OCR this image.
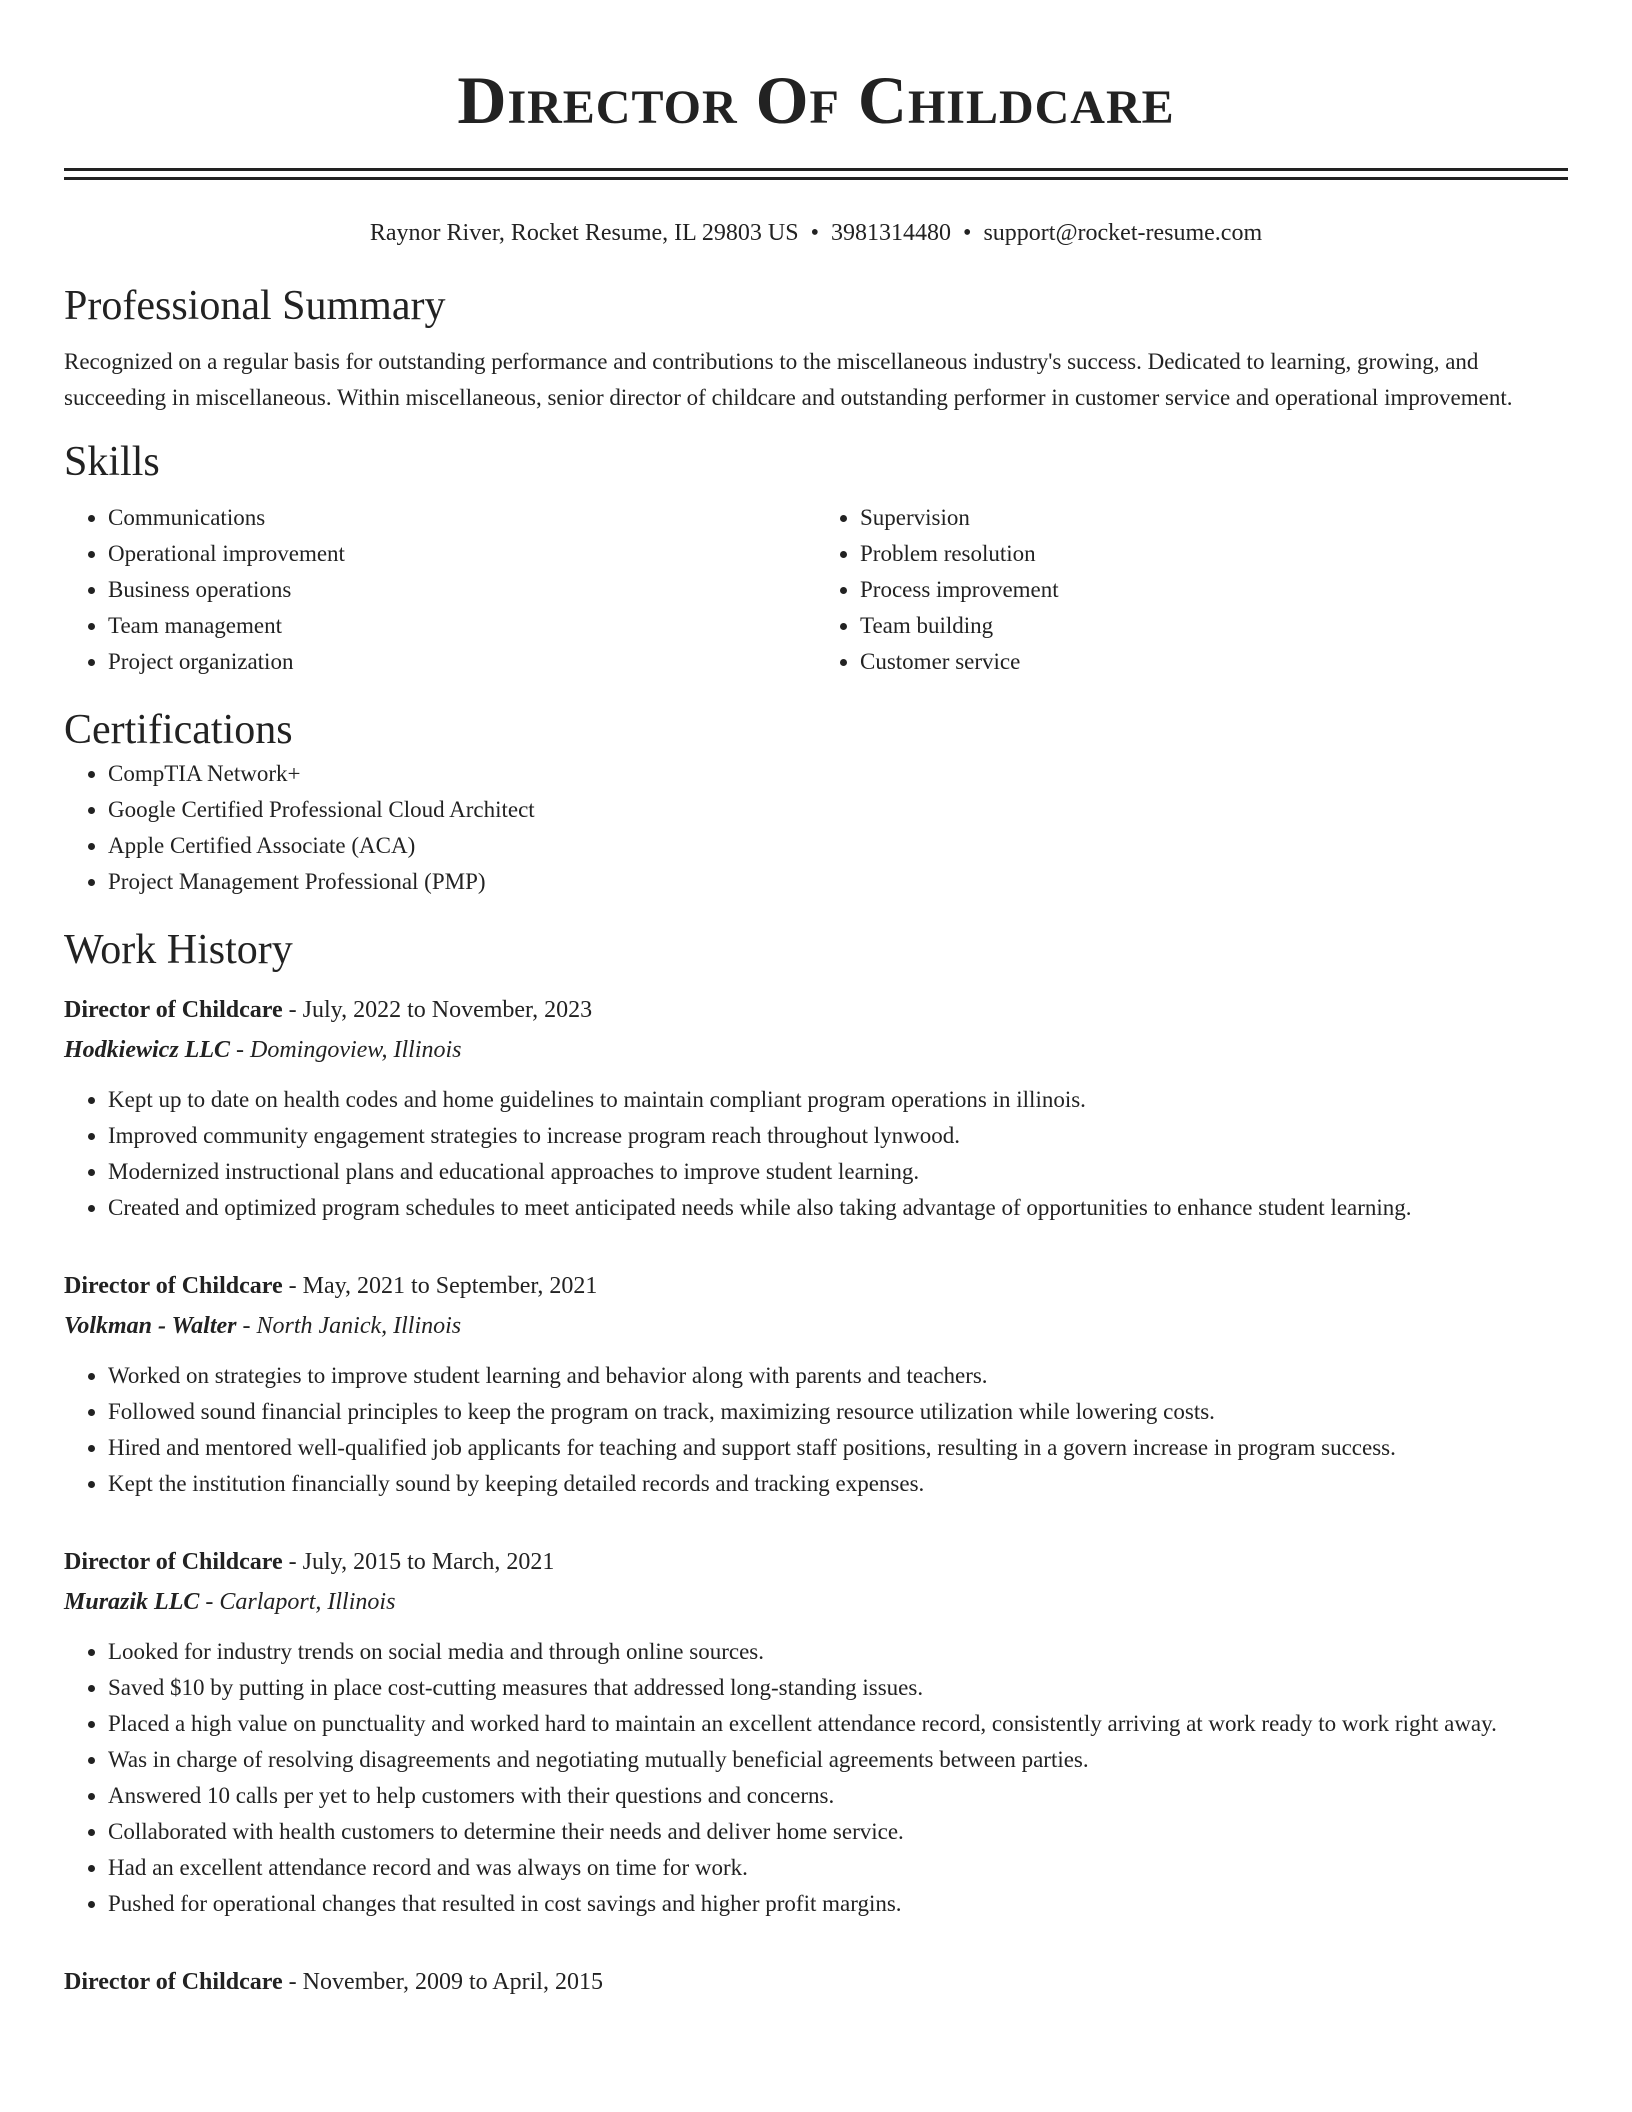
Director Of Childcare
Raynor River, Rocket Resume, IL 29803 US • 3981314480 • support@rocket-resume.com
Professional Summary

Recognized on a regular basis for outstanding performance and contributions to the miscellaneous industry's success. Dedicated to learning, growing, and succeeding in miscellaneous. Within miscellaneous, senior director of childcare and outstanding performer in customer service and operational improvement.

Skills
• Communications
• Operational improvement
• Business operations
• Team management
• Project organization
• Supervision
• Problem resolution
• Process improvement
• Team building
• Customer service
Certifications
• CompTIA Network+
• Google Certified Professional Cloud Architect
• Apple Certified Associate (ACA)
• Project Management Professional (PMP)
Work History
Director of Childcare - July, 2022 to November, 2023
Hodkiewicz LLC - Domingoview, Illinois
• Kept up to date on health codes and home guidelines to maintain compliant program operations in illinois.
• Improved community engagement strategies to increase program reach throughout lynwood.
• Modernized instructional plans and educational approaches to improve student learning.
• Created and optimized program schedules to meet anticipated needs while also taking advantage of opportunities to enhance student learning.
Director of Childcare - May, 2021 to September, 2021
Volkman - Walter - North Janick, Illinois
• Worked on strategies to improve student learning and behavior along with parents and teachers.
• Followed sound financial principles to keep the program on track, maximizing resource utilization while lowering costs.
• Hired and mentored well-qualified job applicants for teaching and support staff positions, resulting in a govern increase in program success.
• Kept the institution financially sound by keeping detailed records and tracking expenses.
Director of Childcare - July, 2015 to March, 2021
Murazik LLC - Carlaport, Illinois
• Looked for industry trends on social media and through online sources.
• Saved $10 by putting in place cost-cutting measures that addressed long-standing issues.
• Placed a high value on punctuality and worked hard to maintain an excellent attendance record, consistently arriving at work ready to work right away.
• Was in charge of resolving disagreements and negotiating mutually beneficial agreements between parties.
• Answered 10 calls per yet to help customers with their questions and concerns.
• Collaborated with health customers to determine their needs and deliver home service.
• Had an excellent attendance record and was always on time for work.
• Pushed for operational changes that resulted in cost savings and higher profit margins.
Director of Childcare - November, 2009 to April, 2015
